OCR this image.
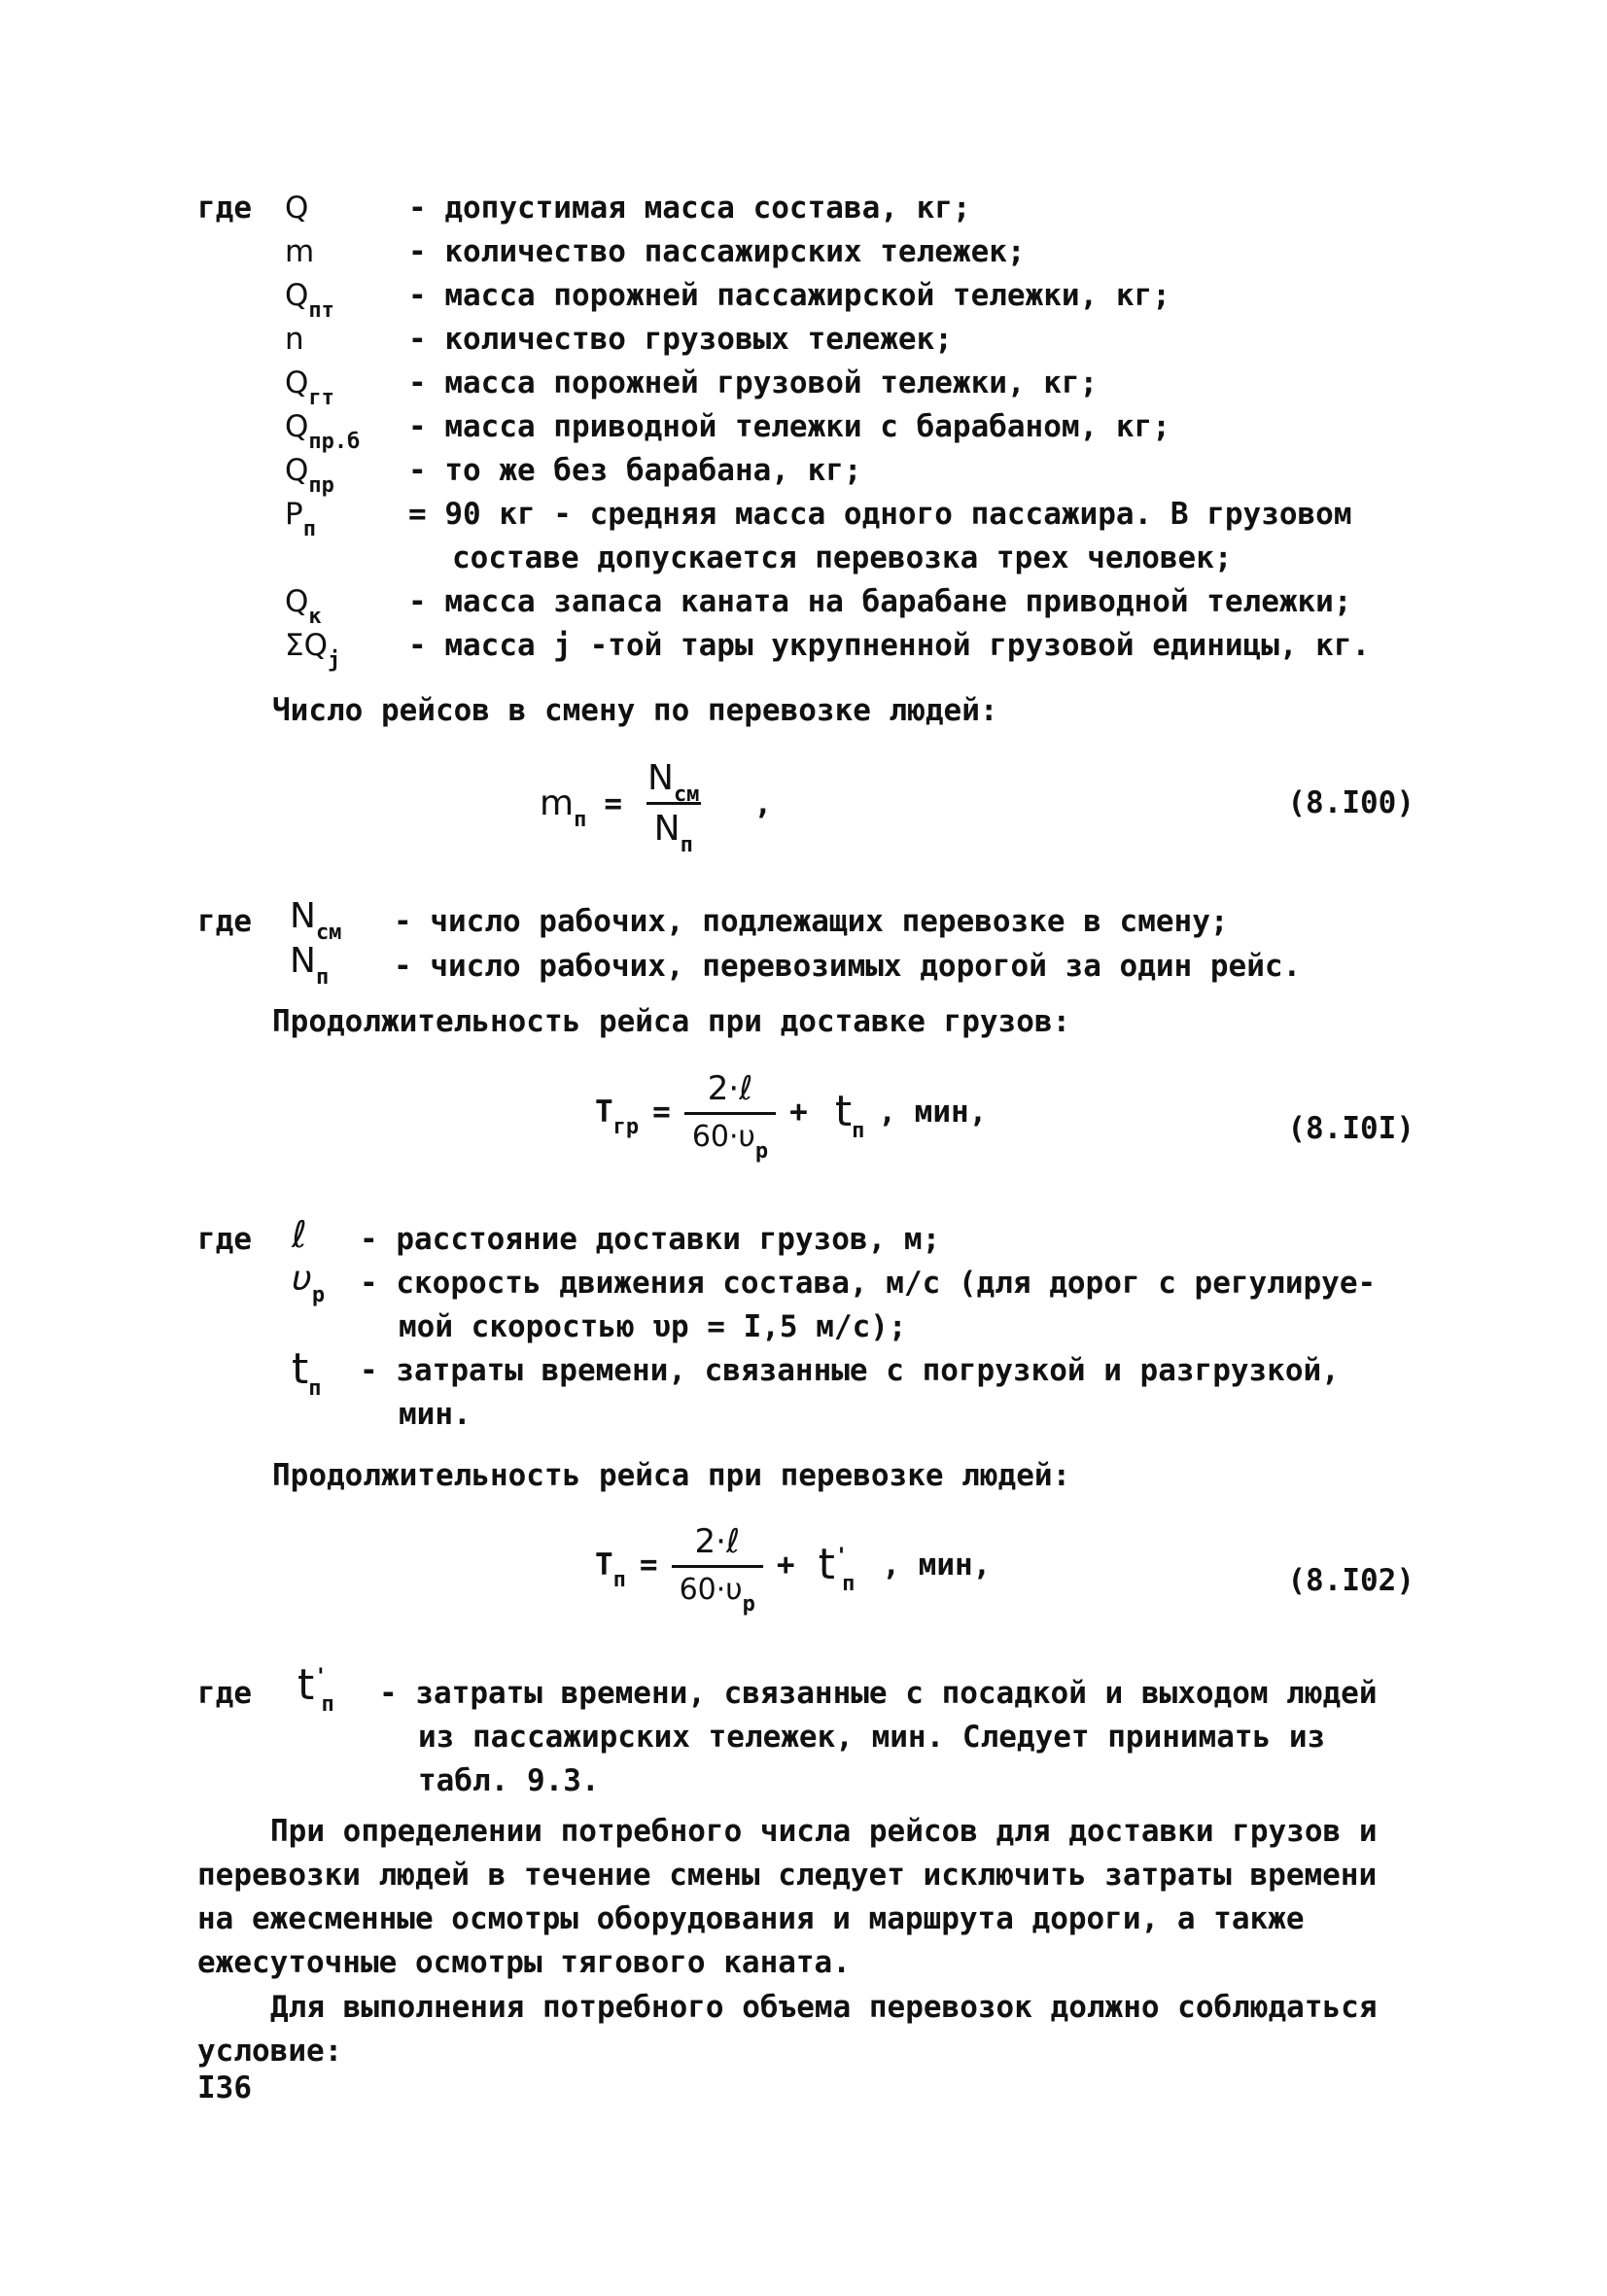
где Q	- допустимая масса состава, кг;
m	- количество пассажирских тележек;
$Q_{пт}$ - масса порожней пассажирской тележки, кг;
n	- количество грузовых тележек;
$Q_{гт}$ - масса порожней грузовой тележки, кг;
$Q_{пр.б}$ - масса приводной тележки с барабаном, кг;
$Q_{пр}$ - то же без барабана, кг;
$P_п$	= 90 кг - средняя масса одного пассажира. В грузовом
составе допускается перевозка трех человек;
$Q_к$	- масса запаса каната на барабане приводной тележки;
$\Sigma Q_j$ - масса j -той тары укрупненной грузовой единицы, кг.
Число рейсов в смену по перевозке людей:
$m_п = \frac{N_{см}}{N_п}$ ,	(8.I00)
где $N_{см}$ - число рабочих, подлежащих перевозке в смену;
$N_п$ - число рабочих, перевозимых дорогой за один рейс.
Продолжительность рейса при доставке грузов:
$T_{гр} = \frac{\text{2·ℓ}}{60\cdot\upsilon_р} + t_п$
, мин,	(8.I0I)
где ℓ - расстояние доставки грузов, м;
$\upsilon_р$ - скорость движения состава, м/с (для дорог с регулируе-
мой скоростью υр = I,5 м/с);
$t_п$
- затраты времени, связанные с погрузкой и разгрузкой,
мин.
Продолжительность рейса при перевозке людей:
$T_п = \frac{\text{2·ℓ}}{60\cdot\upsilon_р} + t'_п$
, мин,	(8.I02)
где $t'_п$ - затраты времени, связанные с посадкой и выходом людей
из пассажирских тележек, мин. Следует принимать из
табл. 9.3.

При определении потребного числа рейсов для доставки грузов и перевозки людей в течение смены следует исключить затраты времени на ежесменные осмотры оборудования и маршрута дороги, а также ежесуточные осмотры тягового каната.

Для выполнения потребного объема перевозок должно соблюдаться условие:

I36
